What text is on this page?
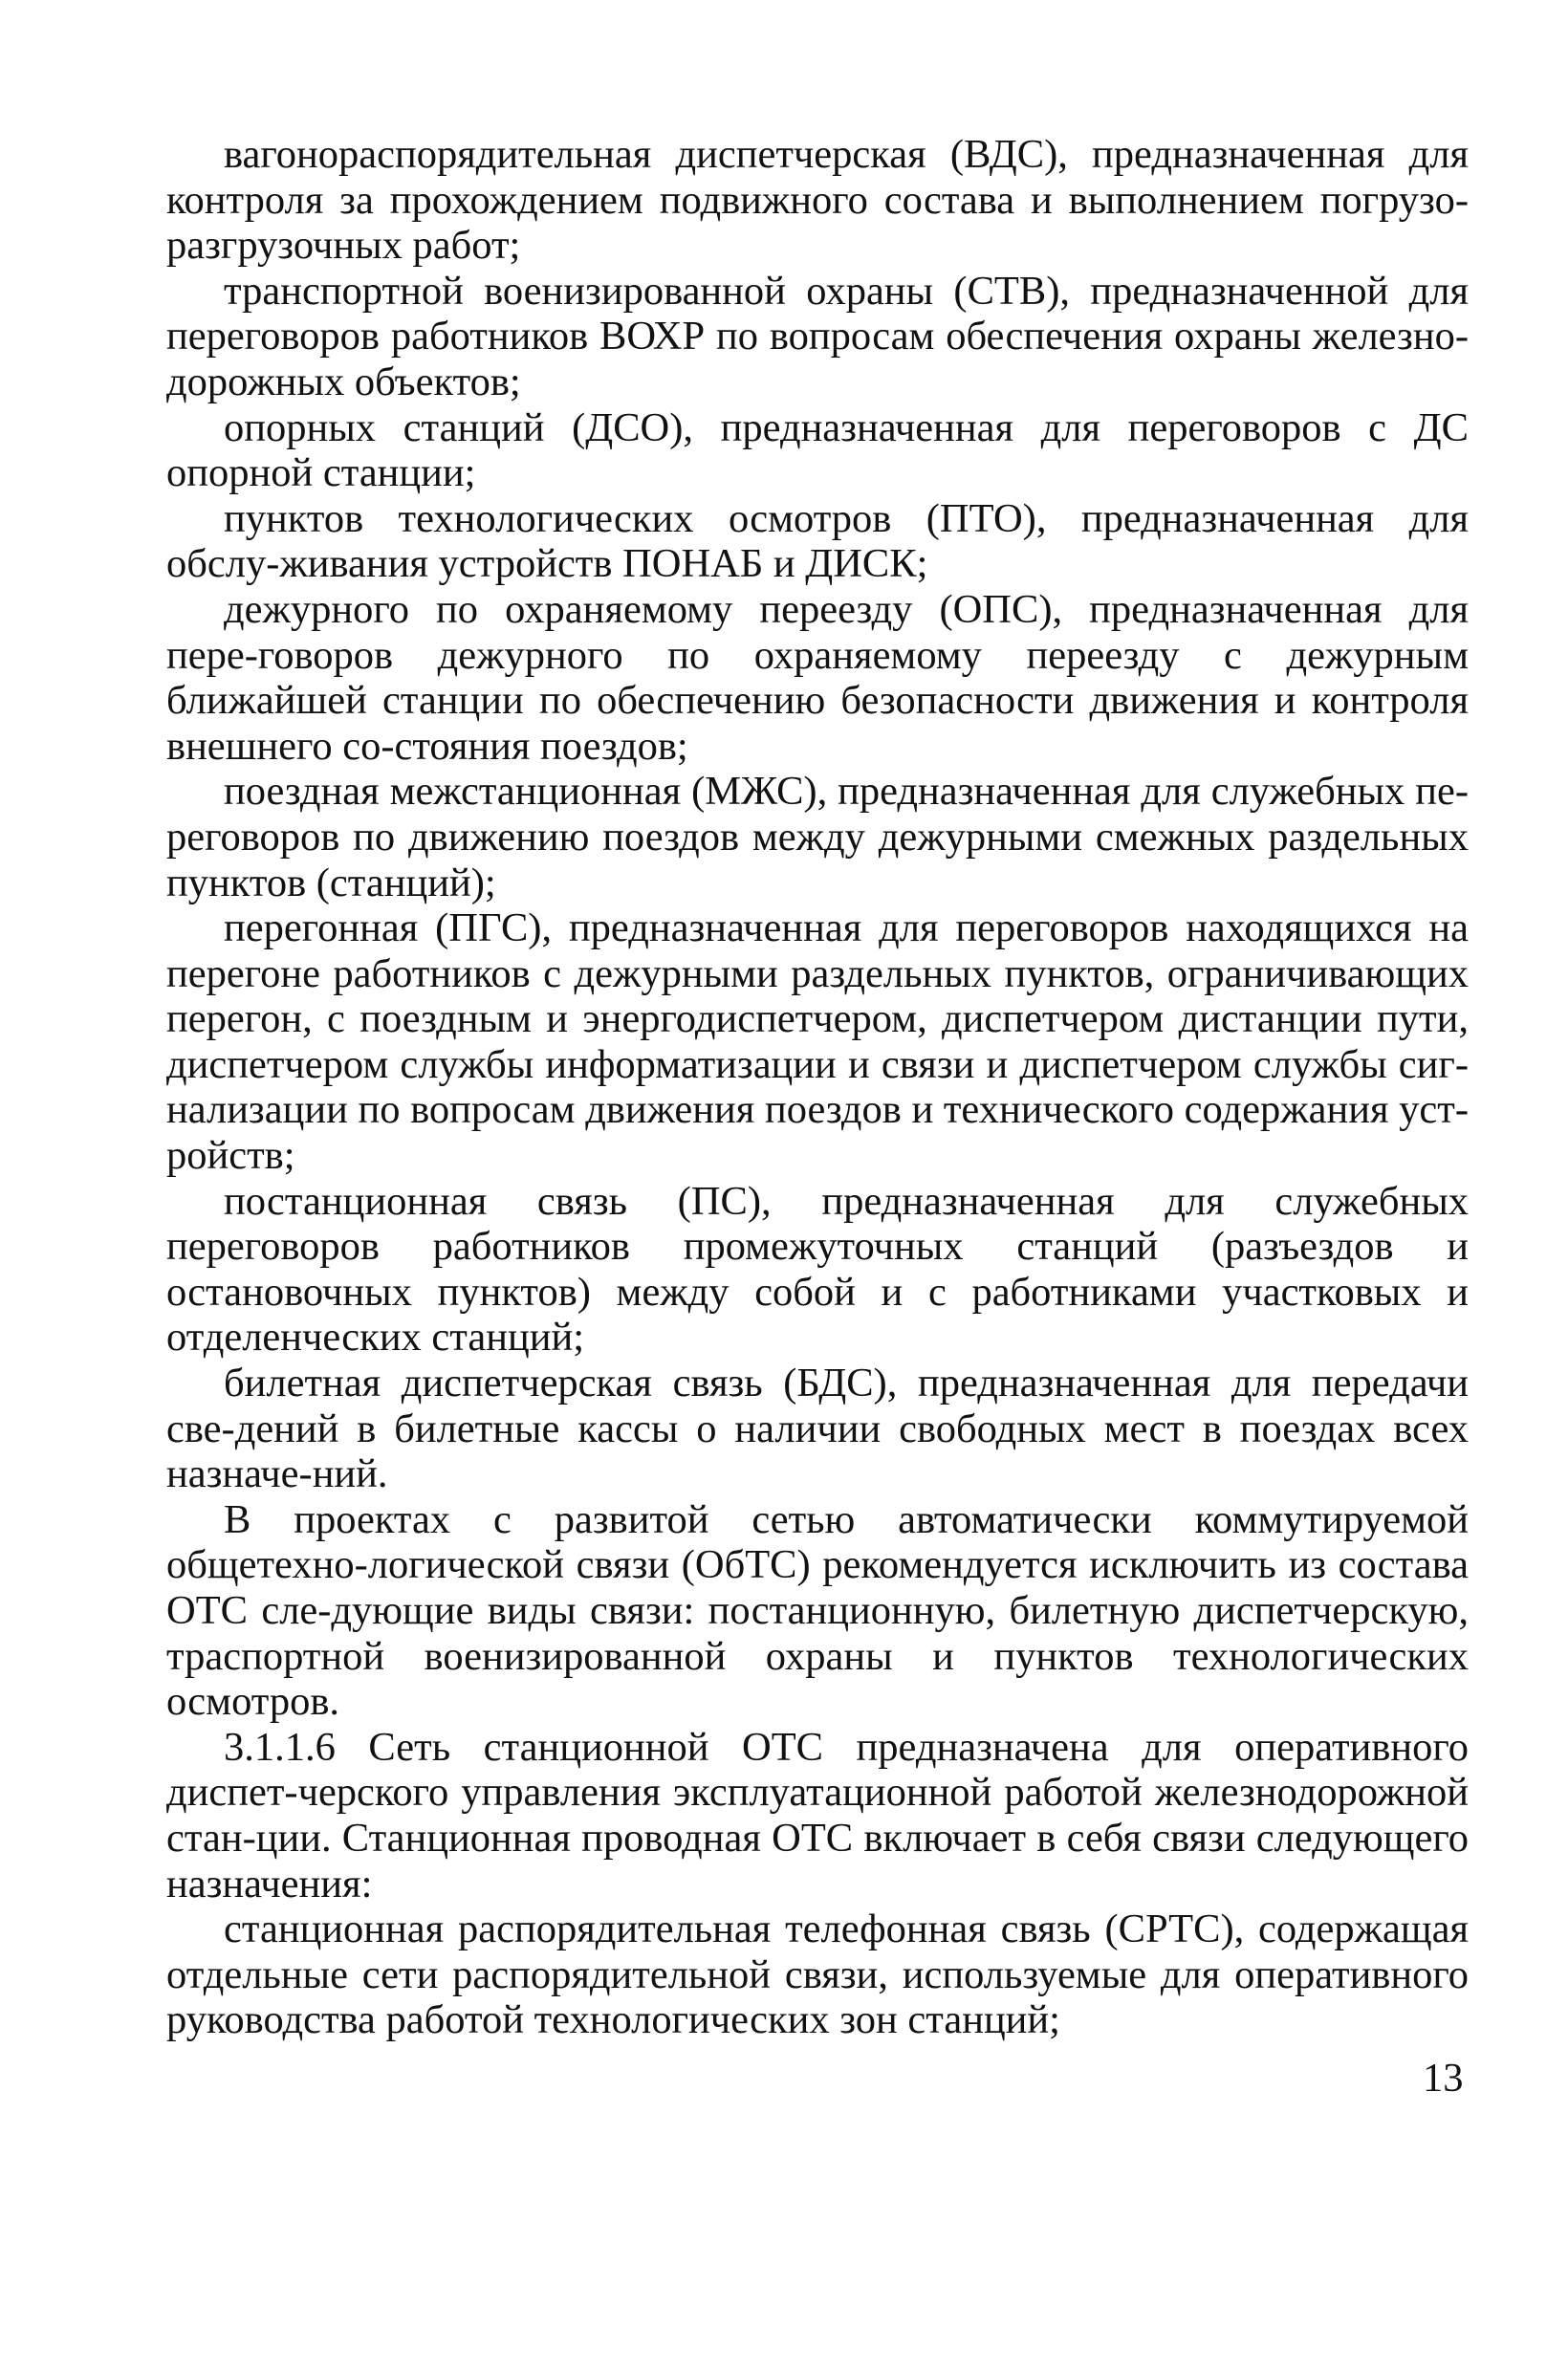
вагонораспорядительная диспетчерская (ВДС), предназначенная для контроля за прохождением подвижного состава и выполнением погрузо-разгрузочных работ;

транспортной военизированной охраны (СТВ), предназначенной для переговоров работников ВОХР по вопросам обеспечения охраны железно-дорожных объектов;

опорных станций (ДСО), предназначенная для переговоров с ДС опорной станции;

пунктов технологических осмотров (ПТО), предназначенная для обслу-живания устройств ПОНАБ и ДИСК;

дежурного по охраняемому переезду (ОПС), предназначенная для пере-говоров дежурного по охраняемому переезду с дежурным ближайшей станции по обеспечению безопасности движения и контроля внешнего со-стояния поездов;

поездная межстанционная (МЖС), предназначенная для служебных пе-реговоров по движению поездов между дежурными смежных раздельных пунктов (станций);

перегонная (ПГС), предназначенная для переговоров находящихся на перегоне работников с дежурными раздельных пунктов, ограничивающих перегон, с поездным и энергодиспетчером, диспетчером дистанции пути, диспетчером службы информатизации и связи и диспетчером службы сиг-нализации по вопросам движения поездов и технического содержания уст-ройств;

постанционная связь (ПС), предназначенная для служебных переговоров работников промежуточных станций (разъездов и остановочных пунктов) между собой и с работниками участковых и отделенческих станций;

билетная диспетчерская связь (БДС), предназначенная для передачи све-дений в билетные кассы о наличии свободных мест в поездах всех назначе-ний.

В проектах с развитой сетью автоматически коммутируемой общетехно-логической связи (ОбТС) рекомендуется исключить из состава ОТС сле-дующие виды связи: постанционную, билетную диспетчерскую, траспортной военизированной охраны и пунктов технологических осмотров.

3.1.1.6 Сеть станционной ОТС предназначена для оперативного диспет-черского управления эксплуатационной работой железнодорожной стан-ции. Станционная проводная ОТС включает в себя связи следующего назначения:

станционная распорядительная телефонная связь (СРТС), содержащая отдельные сети распорядительной связи, используемые для оперативного руководства работой технологических зон станций;

13
